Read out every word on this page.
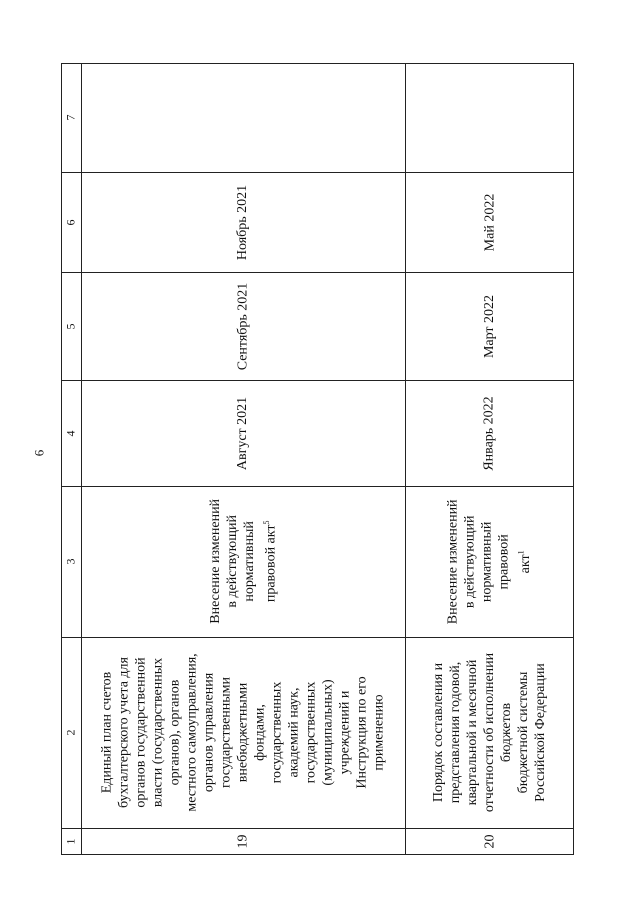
6
7
6
5
4
3
2
1	19
Единый план счетов
бухгалтерского учета для
органов государственной
власти (государственных
органов), органов
местного самоуправления,
органов управления
государственными
внебюджетными
фондами,
государственных
академий наук,
государственных
(муниципальных)
учреждений и
Инструкция по его
применению
Внесение изменений
в действующий
нормативный
правовой акт$^5$
Август 2021
Сентябрь 2021
Ноябрь 2021
20
Порядок составления и
представления годовой,
квартальной и месячной
отчетности об исполнении
бюджетов
бюджетной системы
Российской Федерации
Внесение изменений
в действующий
нормативный
правовой
акт$^1$
Январь 2022
Март 2022
Май 2022
